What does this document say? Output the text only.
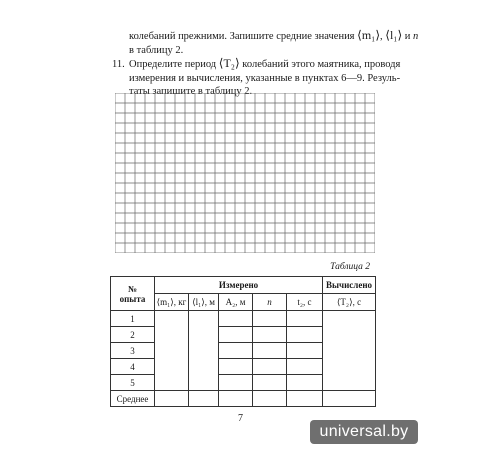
колебаний прежними. Запишите средние значения ⟨m₁⟩, ⟨l₁⟩ и n
в таблицу 2.
11. Определите период ⟨T₂⟩ колебаний этого маятника, проводя
измерения и вычисления, указанные в пунктах 6—9. Резуль-
таты запишите в таблицу 2.
Таблица 2
№
опыта	Измерено					Вычислено
	⟨m₁⟩, кг	⟨l₁⟩, м	A₂, м	n	t₂, с	⟨T₂⟩, с
1						
2						
3						
4						
5						
Среднее						
7
universal.by
